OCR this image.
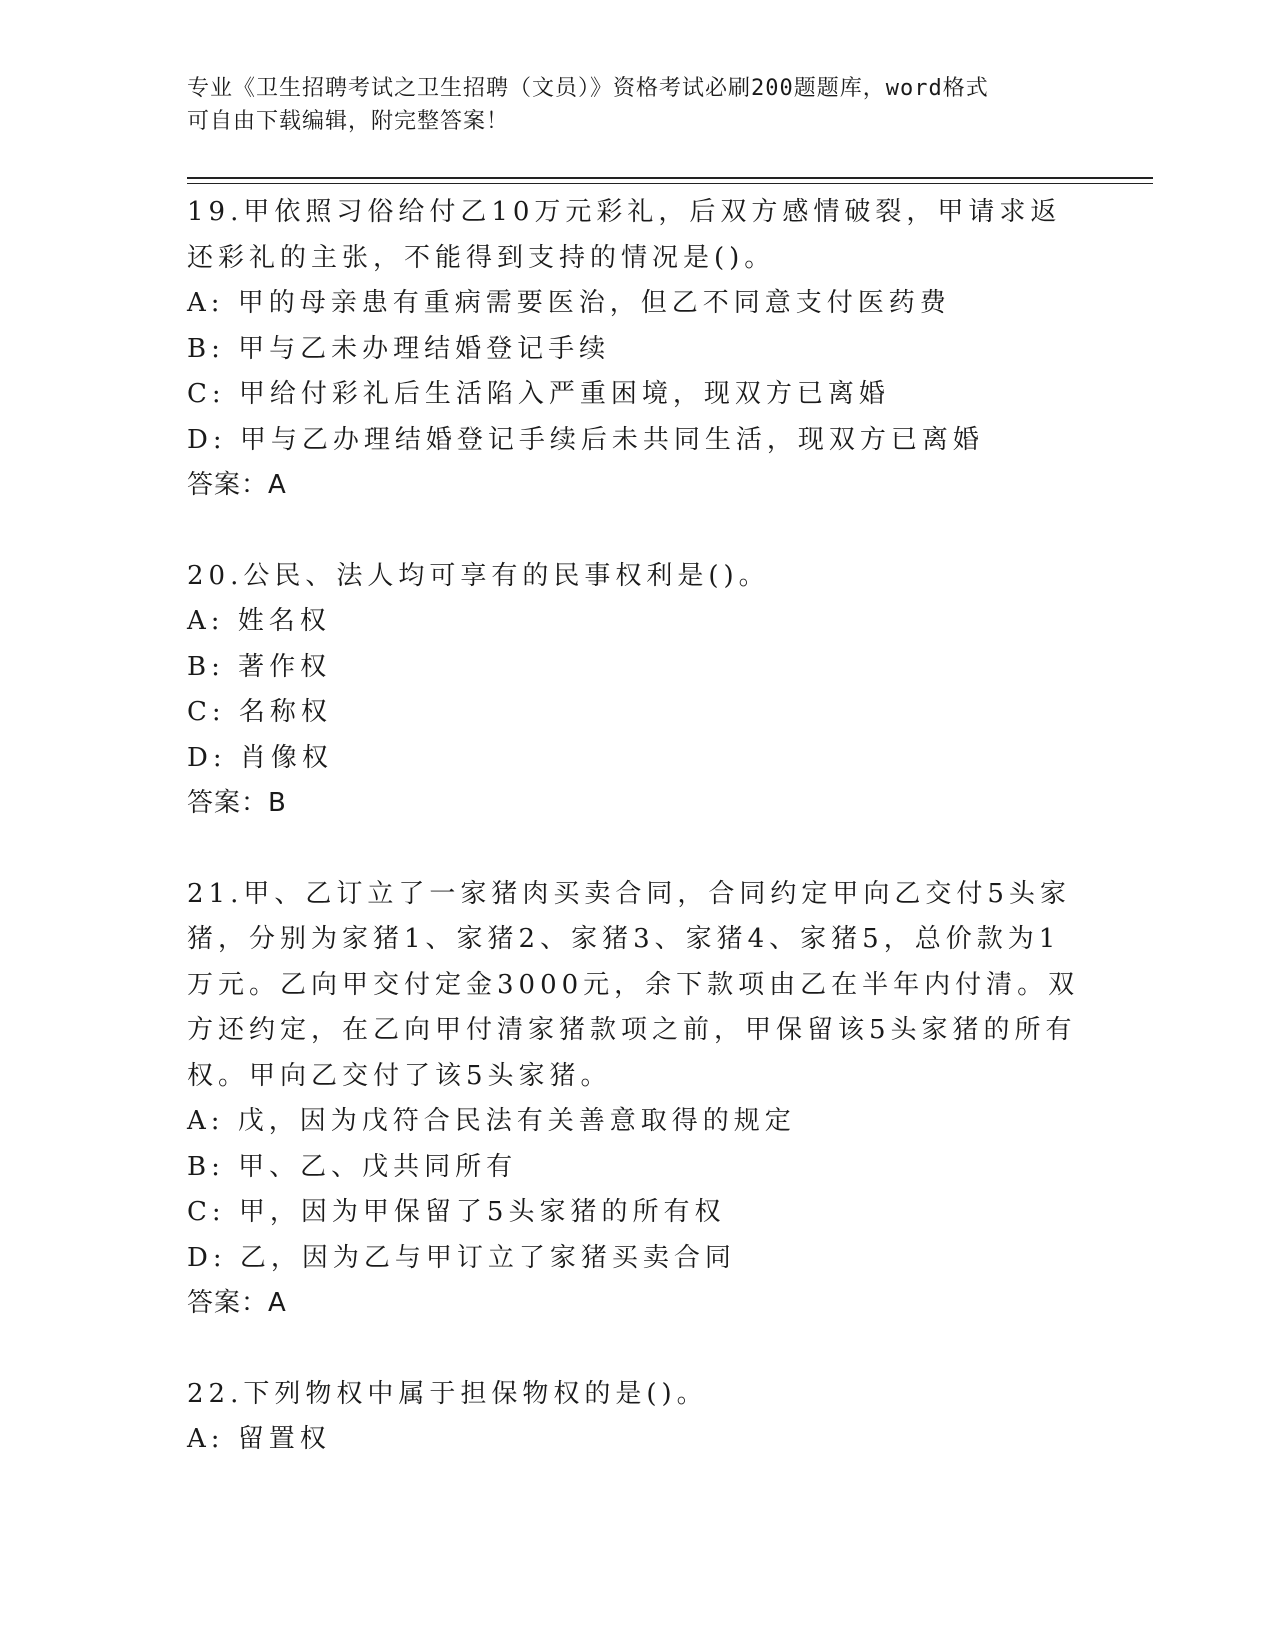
专业《卫生招聘考试之卫生招聘（文员）》资格考试必刷200题题库，word格式
可自由下载编辑，附完整答案！
19.甲依照习俗给付乙10万元彩礼，后双方感情破裂，甲请求返还彩礼的主张，不能得到支持的情况是()。
A: 甲的母亲患有重病需要医治，但乙不同意支付医药费
B: 甲与乙未办理结婚登记手续
C: 甲给付彩礼后生活陷入严重困境，现双方已离婚
D: 甲与乙办理结婚登记手续后未共同生活，现双方已离婚
答案：A
20.公民、法人均可享有的民事权利是()。
A: 姓名权
B: 著作权
C: 名称权
D: 肖像权
答案：B
21.甲、乙订立了一家猪肉买卖合同，合同约定甲向乙交付5头家猪，分别为家猪1、家猪2、家猪3、家猪4、家猪5，总价款为1万元。乙向甲交付定金3000元，余下款项由乙在半年内付清。双方还约定，在乙向甲付清家猪款项之前，甲保留该5头家猪的所有权。甲向乙交付了该5头家猪。
A: 戊，因为戊符合民法有关善意取得的规定
B: 甲、乙、戊共同所有
C: 甲，因为甲保留了5头家猪的所有权
D: 乙，因为乙与甲订立了家猪买卖合同
答案：A
22.下列物权中属于担保物权的是()。
A: 留置权
